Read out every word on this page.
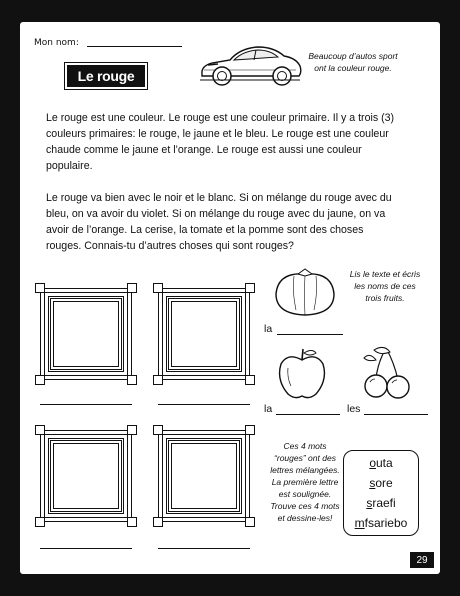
Mon nom:
Le rouge
Beaucoup d’autos sport ont la couleur rouge.

Le rouge est une couleur. Le rouge est une couleur primaire. Il y a trois (3) couleurs primaires: le rouge, le jaune et le bleu. Le rouge est une couleur chaude comme le jaune et l’orange. Le rouge est aussi une couleur populaire.

Le rouge va bien avec le noir et le blanc. Si on mélange du rouge avec du bleu, on va avoir du violet. Si on mélange du rouge avec du jaune, on va avoir de l’orange. La cerise, la tomate et la pomme sont des choses rouges. Connais-tu d’autres choses qui sont rouges?

la
Lis le texte et écris les noms de ces trois fruits.
la	les
Ces 4 mots “rouges” ont des lettres mélangées. La première lettre est soulignée. Trouve ces 4 mots et dessine-les!
outa
sore
sraefi
mfsariebo
29
